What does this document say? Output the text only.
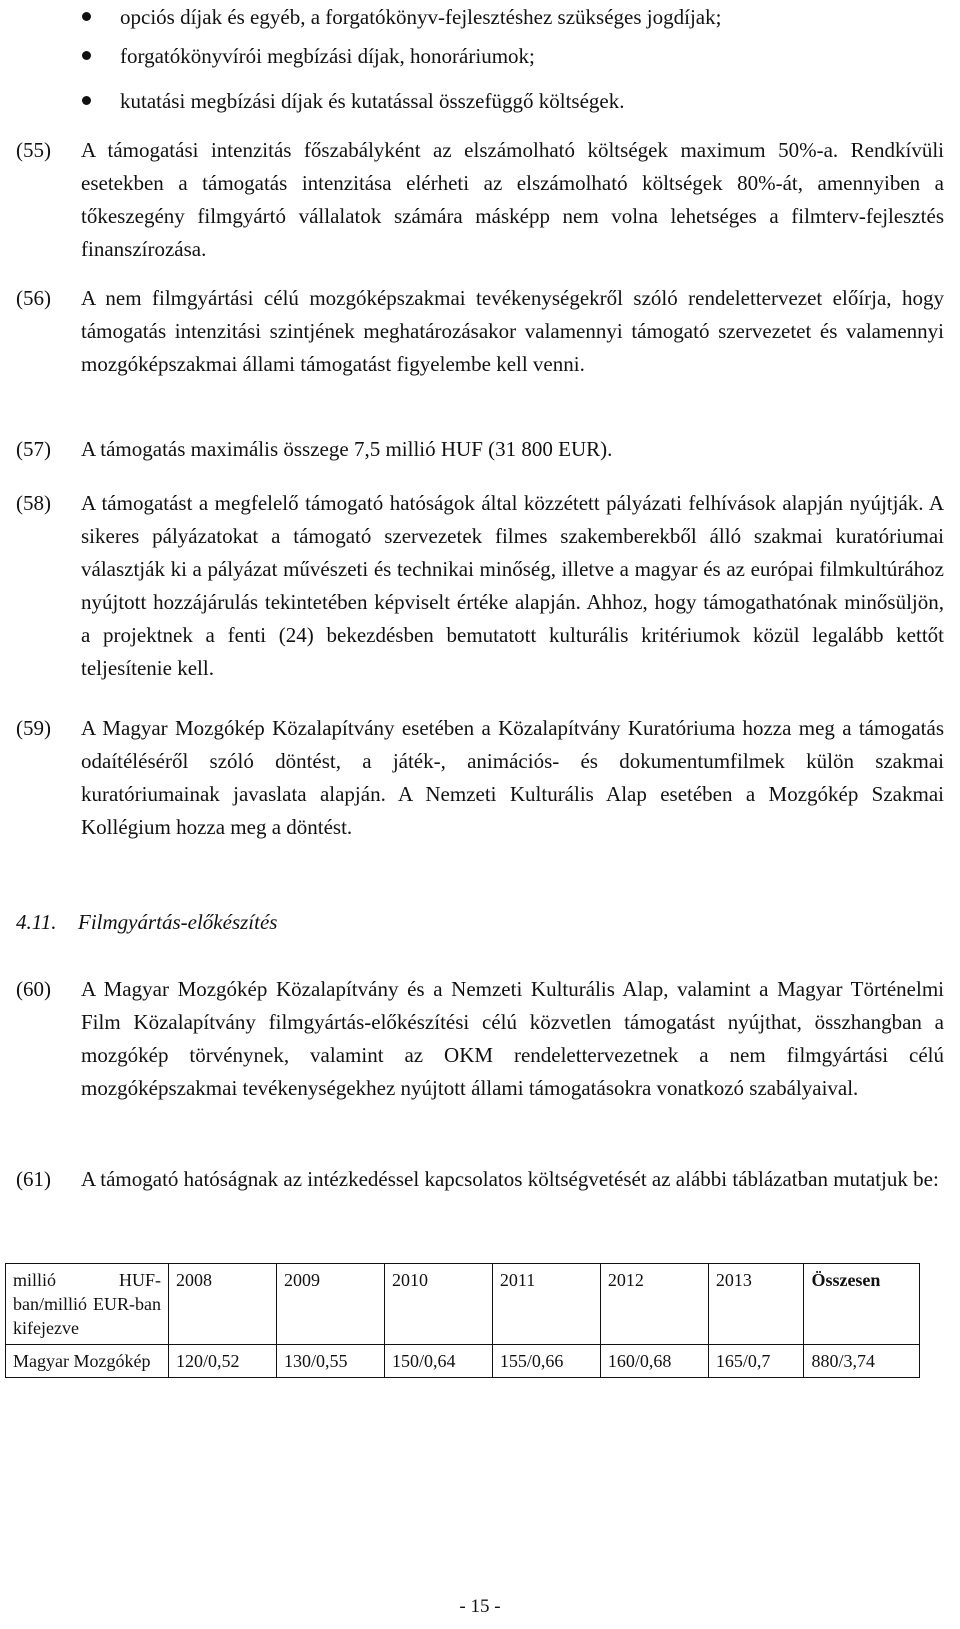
opciós díjak és egyéb, a forgatókönyv-fejlesztéshez szükséges jogdíjak;
forgatókönyvírói megbízási díjak, honoráriumok;
kutatási megbízási díjak és kutatással összefüggő költségek.
(55) A támogatási intenzitás főszabályként az elszámolható költségek maximum 50%-a. Rendkívüli esetekben a támogatás intenzitása elérheti az elszámolható költségek 80%-át, amennyiben a tőkeszegény filmgyártó vállalatok számára másképp nem volna lehetséges a filmterv-fejlesztés finanszírozása.
(56) A nem filmgyártási célú mozgóképszakmai tevékenységekről szóló rendelettervezet előírja, hogy támogatás intenzitási szintjének meghatározásakor valamennyi támogató szervezetet és valamennyi mozgóképszakmai állami támogatást figyelembe kell venni.
(57) A támogatás maximális összege 7,5 millió HUF (31 800 EUR).
(58) A támogatást a megfelelő támogató hatóságok által közzétett pályázati felhívások alapján nyújtják. A sikeres pályázatokat a támogató szervezetek filmes szakemberekből álló szakmai kuratóriumai választják ki a pályázat művészeti és technikai minőség, illetve a magyar és az európai filmkultúrához nyújtott hozzájárulás tekintetében képviselt értéke alapján. Ahhoz, hogy támogathatónak minősüljön, a projektnek a fenti (24) bekezdésben bemutatott kulturális kritériumok közül legalább kettőt teljesítenie kell.
(59) A Magyar Mozgókép Közalapítvány esetében a Közalapítvány Kuratóriuma hozza meg a támogatás odaítéléséről szóló döntést, a játék-, animációs- és dokumentumfilmek külön szakmai kuratóriumainak javaslata alapján. A Nemzeti Kulturális Alap esetében a Mozgókép Szakmai Kollégium hozza meg a döntést.
4.11. Filmgyártás-előkészítés
(60) A Magyar Mozgókép Közalapítvány és a Nemzeti Kulturális Alap, valamint a Magyar Történelmi Film Közalapítvány filmgyártás-előkészítési célú közvetlen támogatást nyújthat, összhangban a mozgókép törvénynek, valamint az OKM rendelettervezetnek a nem filmgyártási célú mozgóképszakmai tevékenységekhez nyújtott állami támogatásokra vonatkozó szabályaival.
(61) A támogató hatóságnak az intézkedéssel kapcsolatos költségvetését az alábbi táblázatban mutatjuk be:
millió HUF-ban/millió EUR-ban kifejezve	2008	2009	2010	2011	2012	2013	Összesen
Magyar Mozgókép	120/0,52	130/0,55	150/0,64	155/0,66	160/0,68	165/0,7	880/3,74
- 15 -
